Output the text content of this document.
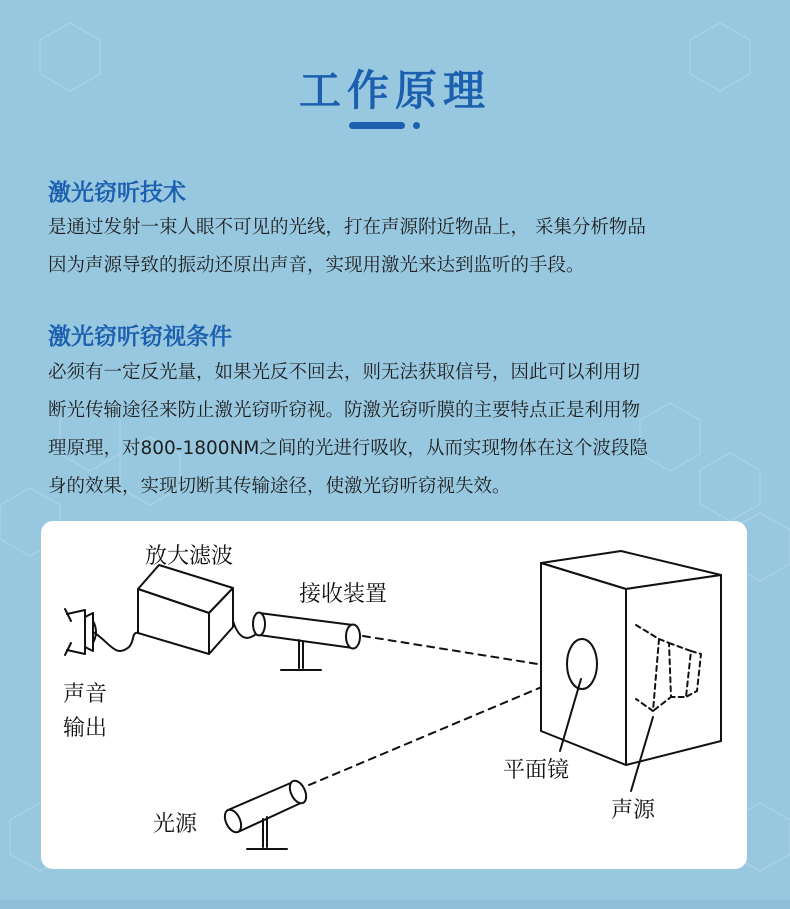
工作原理
激光窃听技术
是通过发射一束人眼不可见的光线，打在声源附近物品上， 采集分析物品
因为声源导致的振动还原出声音，实现用激光来达到监听的手段。
激光窃听窃视条件
必须有一定反光量，如果光反不回去，则无法获取信号，因此可以利用切
断光传输途径来防止激光窃听窃视。防激光窃听膜的主要特点正是利用物
理原理，对800-1800NM之间的光进行吸收，从而实现物体在这个波段隐
身的效果，实现切断其传输途径，使激光窃听窃视失效。
放大滤波
接收装置
声音
输出
平面镜
光源
声源
